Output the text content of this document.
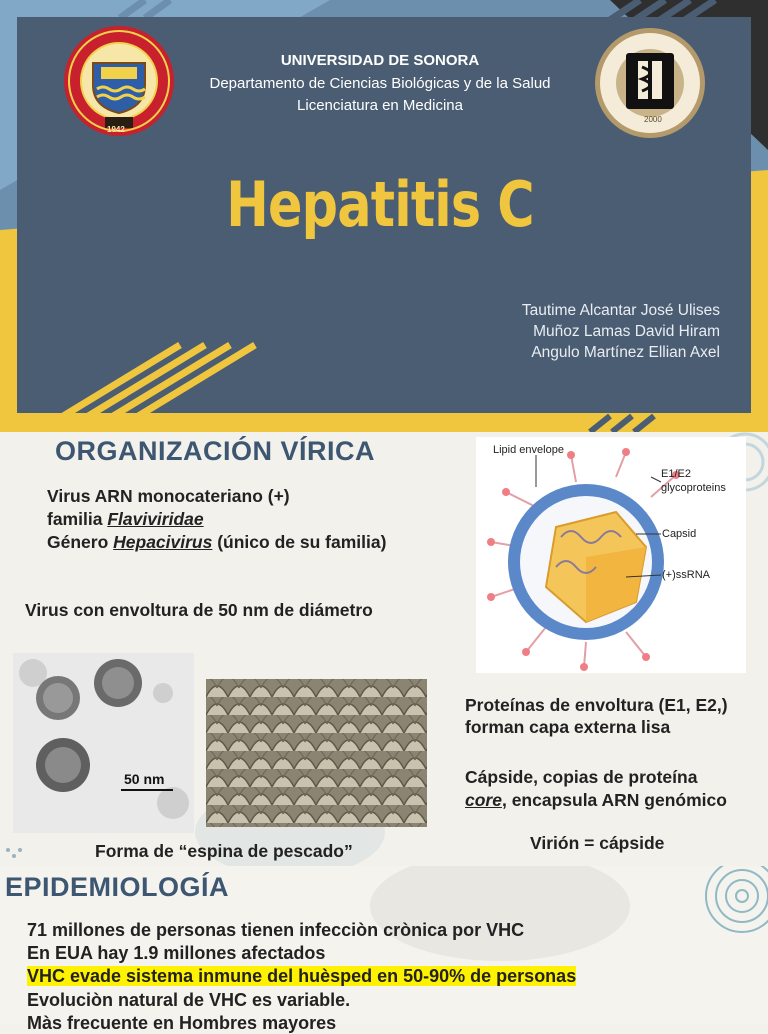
1942
2000
UNIVERSIDAD DE SONORA
Departamento de Ciencias Biológicas y de la Salud
Licenciatura en Medicina
Hepatitis C
Tautime Alcantar José Ulises
Muñoz Lamas David Hiram
Angulo Martínez Ellian Axel
ORGANIZACIÓN VÍRICA
Virus ARN monocateriano (+)
familia Flaviviridae
Género Hepacivirus (único de su familia)
Virus con envoltura de 50 nm de diámetro
Lipid envelope
E1/E2
glycoproteins
Capsid
(+)ssRNA
50 nm
Proteínas de envoltura (E1, E2,)
forman capa externa lisa
Cápside, copias de proteína
core, encapsula ARN genómico
Virión = cápside
Forma de “espina de pescado”
EPIDEMIOLOGÍA
71 millones de personas tienen infecciòn crònica por VHC
En EUA hay 1.9 millones afectados
VHC evade sistema inmune del huèsped en 50-90% de personas
Evoluciòn natural de VHC es variable.
Màs frecuente en Hombres mayores
